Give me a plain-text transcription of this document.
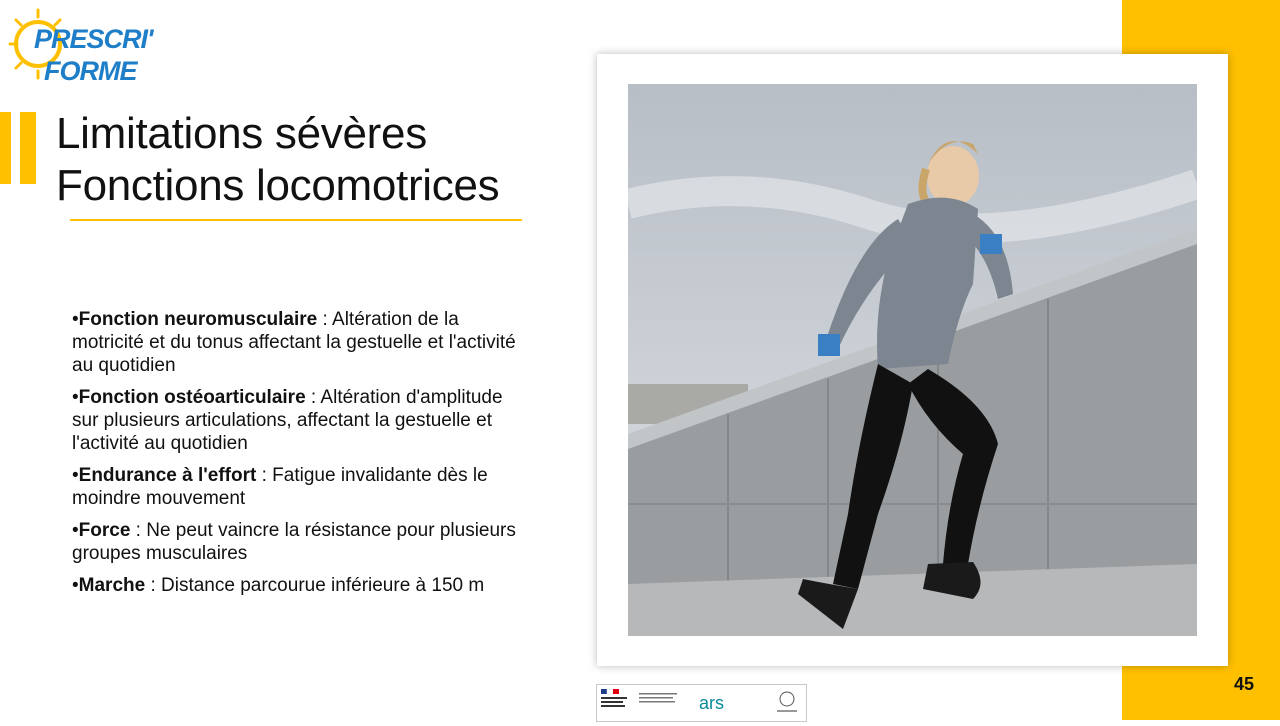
PRESCRI'
FORME
Limitations sévères
Fonctions locomotrices
•Fonction neuromusculaire : Altération de la motricité et du tonus affectant la gestuelle et l'activité au quotidien
•Fonction ostéoarticulaire : Altération d'amplitude sur plusieurs articulations, affectant la gestuelle et l'activité au quotidien
•Endurance à l'effort : Fatigue invalidante dès le moindre mouvement
•Force : Ne peut vaincre la résistance pour plusieurs groupes musculaires
•Marche : Distance parcourue inférieure à 150 m
ars
45
